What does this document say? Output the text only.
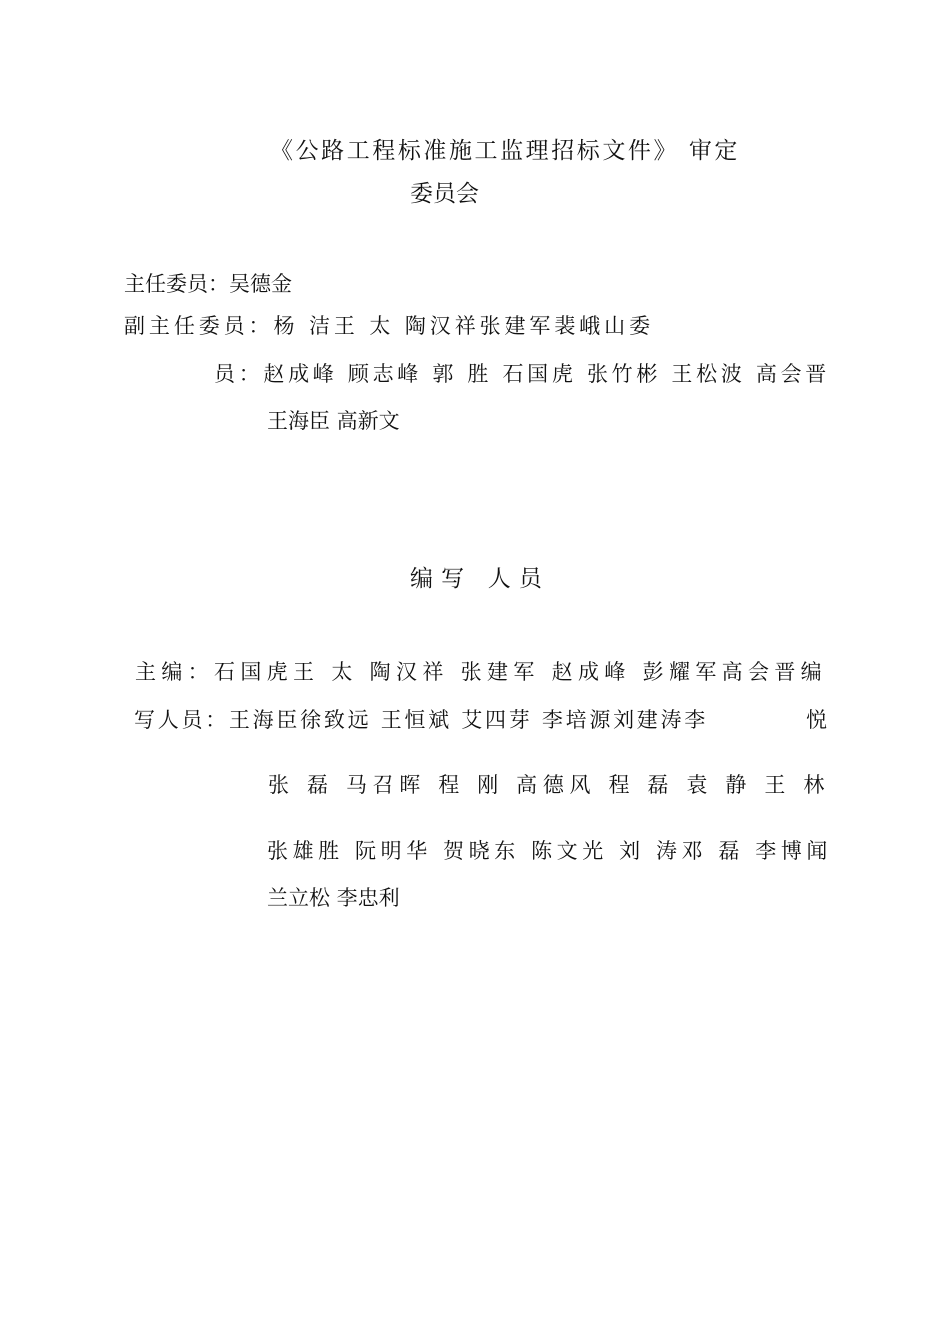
《公路工程标准施工监理招标文件》 审定
委员会
主任委员：吴德金
副主任委员：杨 洁王 太 陶汉祥张建军裴峨山委
员：赵成峰 顾志峰 郭 胜 石国虎 张竹彬 王松波 高会晋
王海臣 高新文
编写 人员
主编：石国虎王 太 陶汉祥 张建军 赵成峰 彭耀军高会晋编
写人员：王海臣徐致远 王恒斌 艾四芽 李培源刘建涛李	悦
张 磊 马召晖 程 刚 高德风 程 磊 袁 静 王 林
张雄胜 阮明华 贺晓东 陈文光 刘 涛邓 磊 李博闻
兰立松 李忠利
